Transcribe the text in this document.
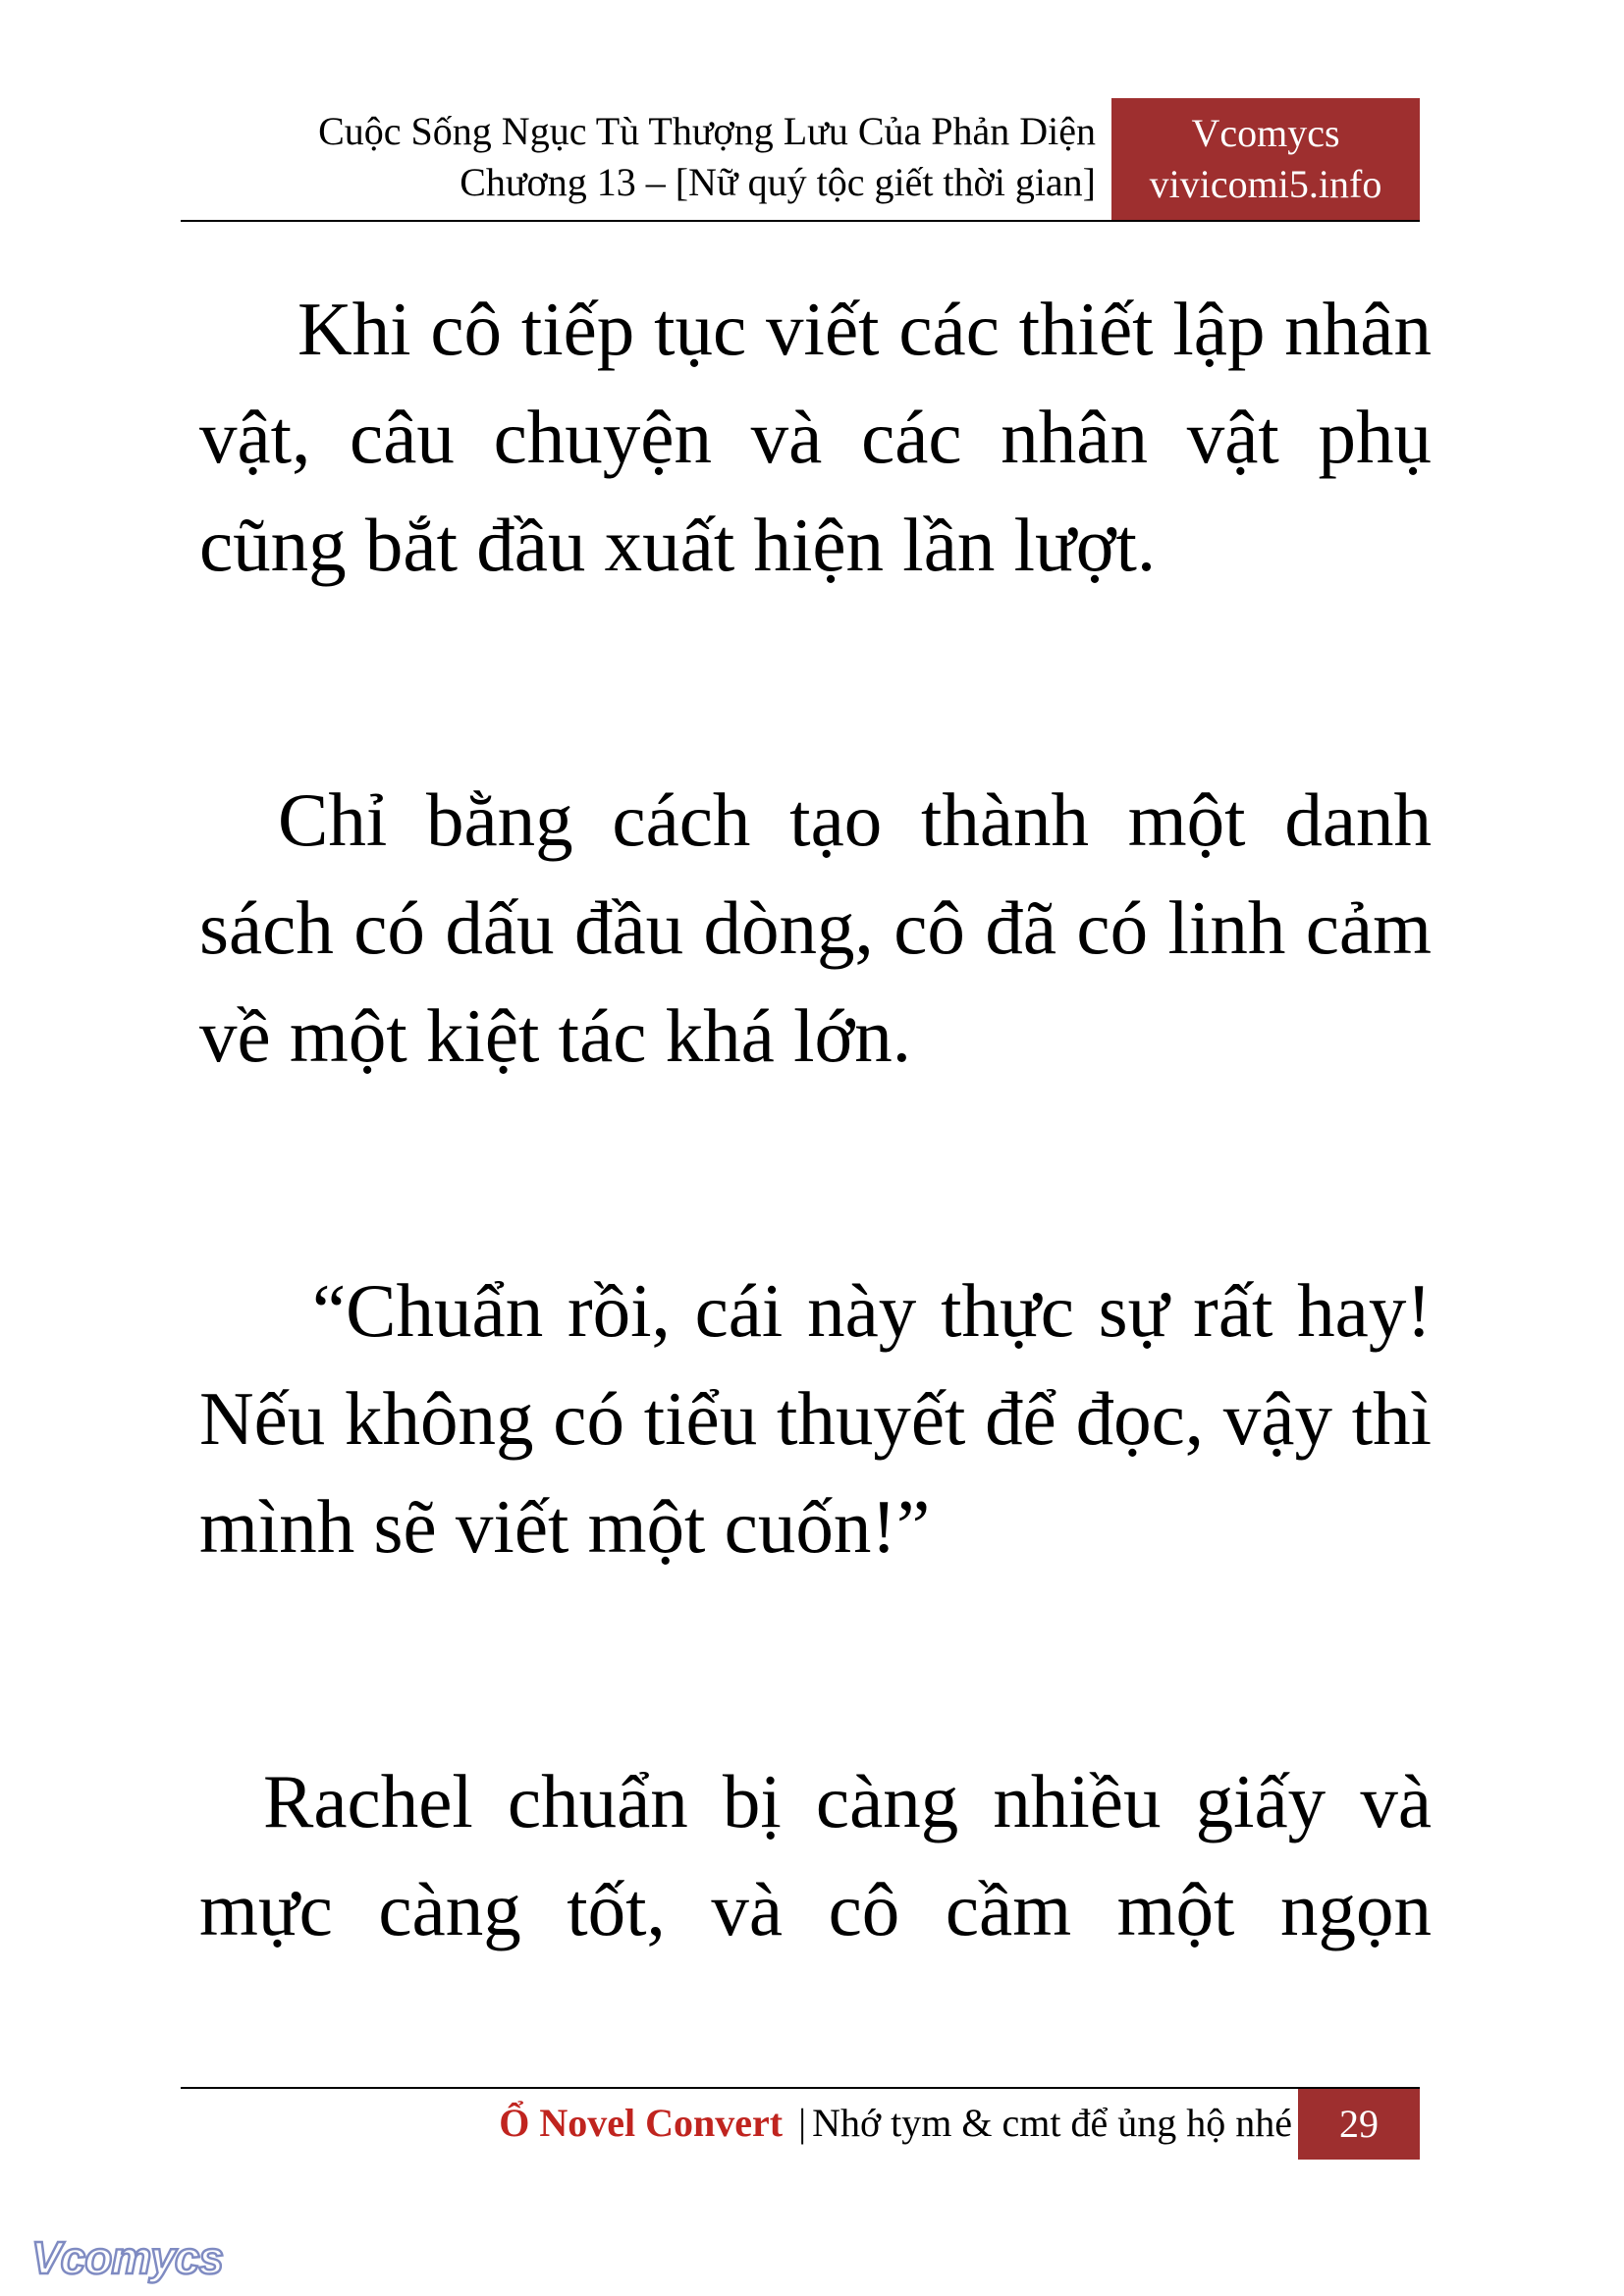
Cuộc Sống Ngục Tù Thượng Lưu Của Phản Diện
Chương 13 – [Nữ quý tộc giết thời gian]
Vcomycs
vivicomi5.info

Khi cô tiếp tục viết các thiết lập nhân vật, câu chuyện và các nhân vật phụ cũng bắt đầu xuất hiện lần lượt.

Chỉ bằng cách tạo thành một danh sách có dấu đầu dòng, cô đã có linh cảm về một kiệt tác khá lớn.

“Chuẩn rồi, cái này thực sự rất hay! Nếu không có tiểu thuyết để đọc, vậy thì mình sẽ viết một cuốn!”

Rachel chuẩn bị càng nhiều giấy và mực càng tốt, và cô cầm một ngọn

Ổ Novel Convert | Nhớ tym & cmt để ủng hộ nhé	29
Vcomycs
